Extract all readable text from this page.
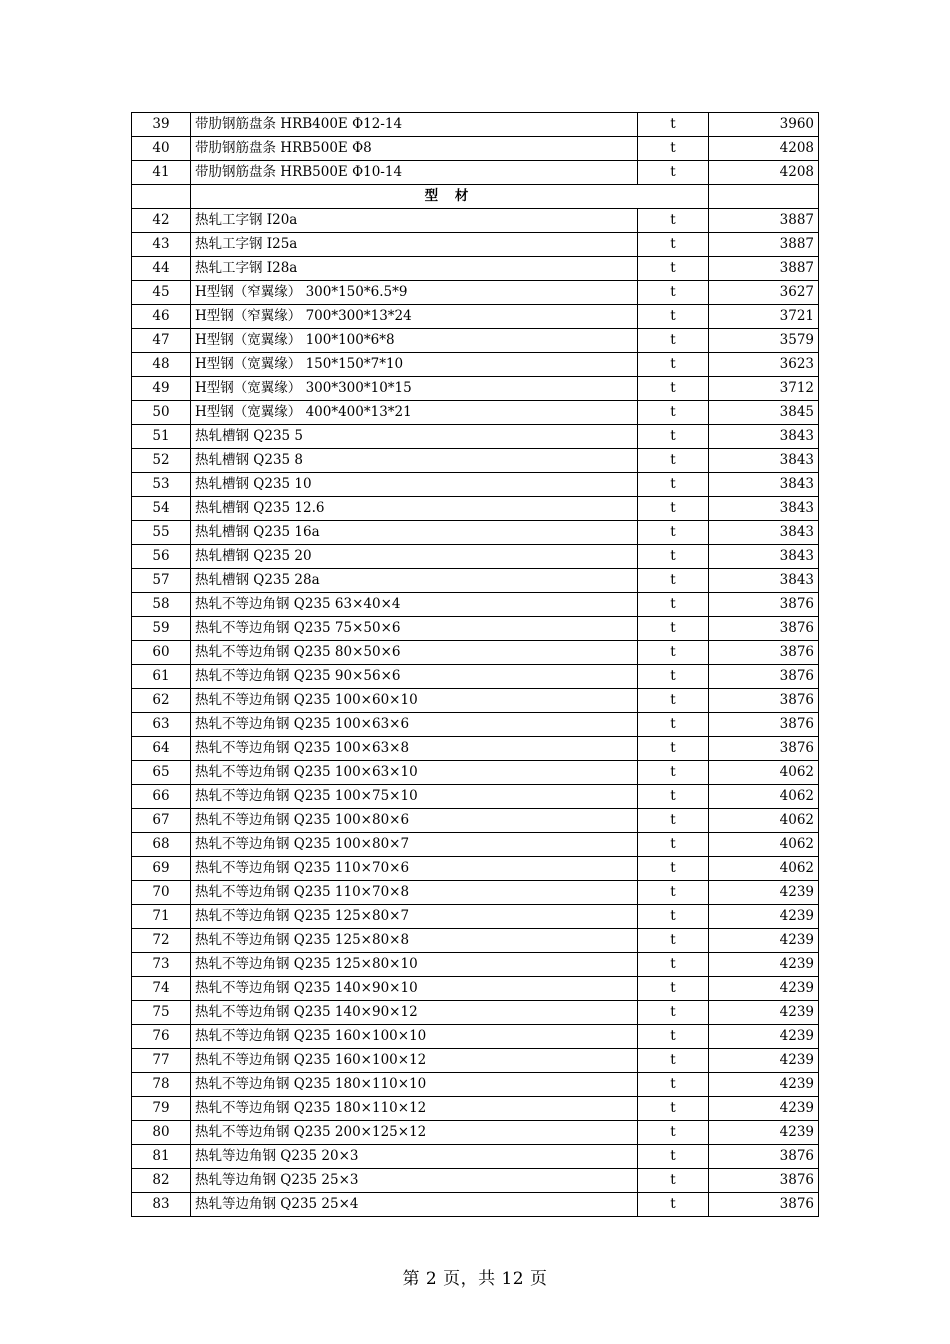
39	带肋钢筋盘条 HRB400E Φ12-14	t	3960
40	带肋钢筋盘条 HRB500E Φ8	t	4208
41	带肋钢筋盘条 HRB500E Φ10-14	t	4208
	型 材		
42	热轧工字钢 I20a	t	3887
43	热轧工字钢 I25a	t	3887
44	热轧工字钢 I28a	t	3887
45	H型钢（窄翼缘） 300*150*6.5*9	t	3627
46	H型钢（窄翼缘） 700*300*13*24	t	3721
47	H型钢（宽翼缘） 100*100*6*8	t	3579
48	H型钢（宽翼缘） 150*150*7*10	t	3623
49	H型钢（宽翼缘） 300*300*10*15	t	3712
50	H型钢（宽翼缘） 400*400*13*21	t	3845
51	热轧槽钢 Q235 5	t	3843
52	热轧槽钢 Q235 8	t	3843
53	热轧槽钢 Q235 10	t	3843
54	热轧槽钢 Q235 12.6	t	3843
55	热轧槽钢 Q235 16a	t	3843
56	热轧槽钢 Q235 20	t	3843
57	热轧槽钢 Q235 28a	t	3843
58	热轧不等边角钢 Q235 63×40×4	t	3876
59	热轧不等边角钢 Q235 75×50×6	t	3876
60	热轧不等边角钢 Q235 80×50×6	t	3876
61	热轧不等边角钢 Q235 90×56×6	t	3876
62	热轧不等边角钢 Q235 100×60×10	t	3876
63	热轧不等边角钢 Q235 100×63×6	t	3876
64	热轧不等边角钢 Q235 100×63×8	t	3876
65	热轧不等边角钢 Q235 100×63×10	t	4062
66	热轧不等边角钢 Q235 100×75×10	t	4062
67	热轧不等边角钢 Q235 100×80×6	t	4062
68	热轧不等边角钢 Q235 100×80×7	t	4062
69	热轧不等边角钢 Q235 110×70×6	t	4062
70	热轧不等边角钢 Q235 110×70×8	t	4239
71	热轧不等边角钢 Q235 125×80×7	t	4239
72	热轧不等边角钢 Q235 125×80×8	t	4239
73	热轧不等边角钢 Q235 125×80×10	t	4239
74	热轧不等边角钢 Q235 140×90×10	t	4239
75	热轧不等边角钢 Q235 140×90×12	t	4239
76	热轧不等边角钢 Q235 160×100×10	t	4239
77	热轧不等边角钢 Q235 160×100×12	t	4239
78	热轧不等边角钢 Q235 180×110×10	t	4239
79	热轧不等边角钢 Q235 180×110×12	t	4239
80	热轧不等边角钢 Q235 200×125×12	t	4239
81	热轧等边角钢 Q235 20×3	t	3876
82	热轧等边角钢 Q235 25×3	t	3876
83	热轧等边角钢 Q235 25×4	t	3876
第 2 页，共 12 页
